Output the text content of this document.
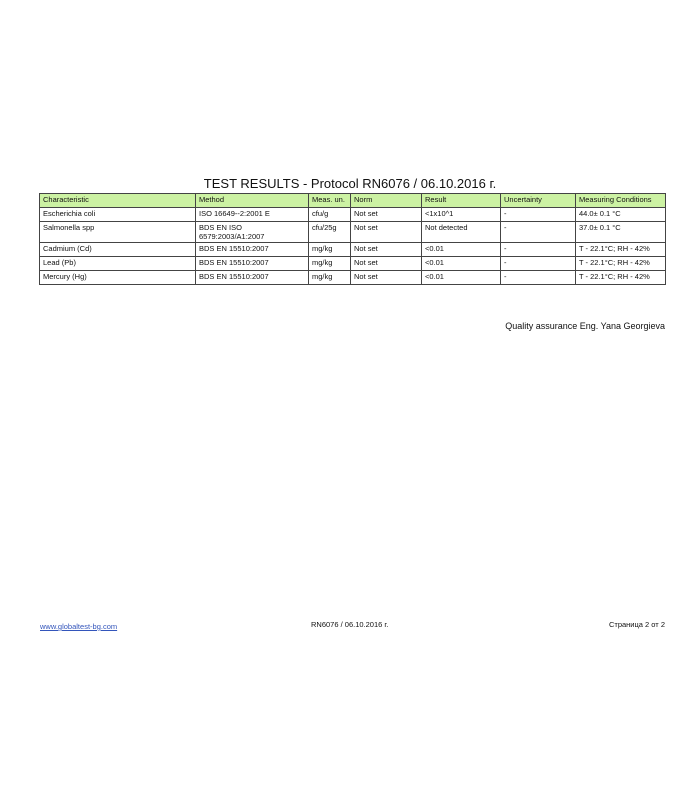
TEST RESULTS - Protocol RN6076 / 06.10.2016 г.
Characteristic	Method	Meas. un.	Norm	Result	Uncertainty	Measuring Conditions
Escherichia coli	ISO 16649--2:2001 E	cfu/g	Not set	<1x10^1	-	44.0± 0.1 °C
Salmonella spp	BDS EN ISO 6579:2003/A1:2007	cfu/25g	Not set	Not detected	-	37.0± 0.1 °C
Cadmium (Cd)	BDS EN 15510:2007	mg/kg	Not set	<0.01	-	T - 22.1°C; RH - 42%
Lead (Pb)	BDS EN 15510:2007	mg/kg	Not set	<0.01	-	T - 22.1°C; RH - 42%
Mercury (Hg)	BDS EN 15510:2007	mg/kg	Not set	<0.01	-	T - 22.1°C; RH - 42%
Quality assurance Eng. Yana Georgieva
www.globaltest-bg.com	RN6076 / 06.10.2016 г.	Страница 2 от 2
